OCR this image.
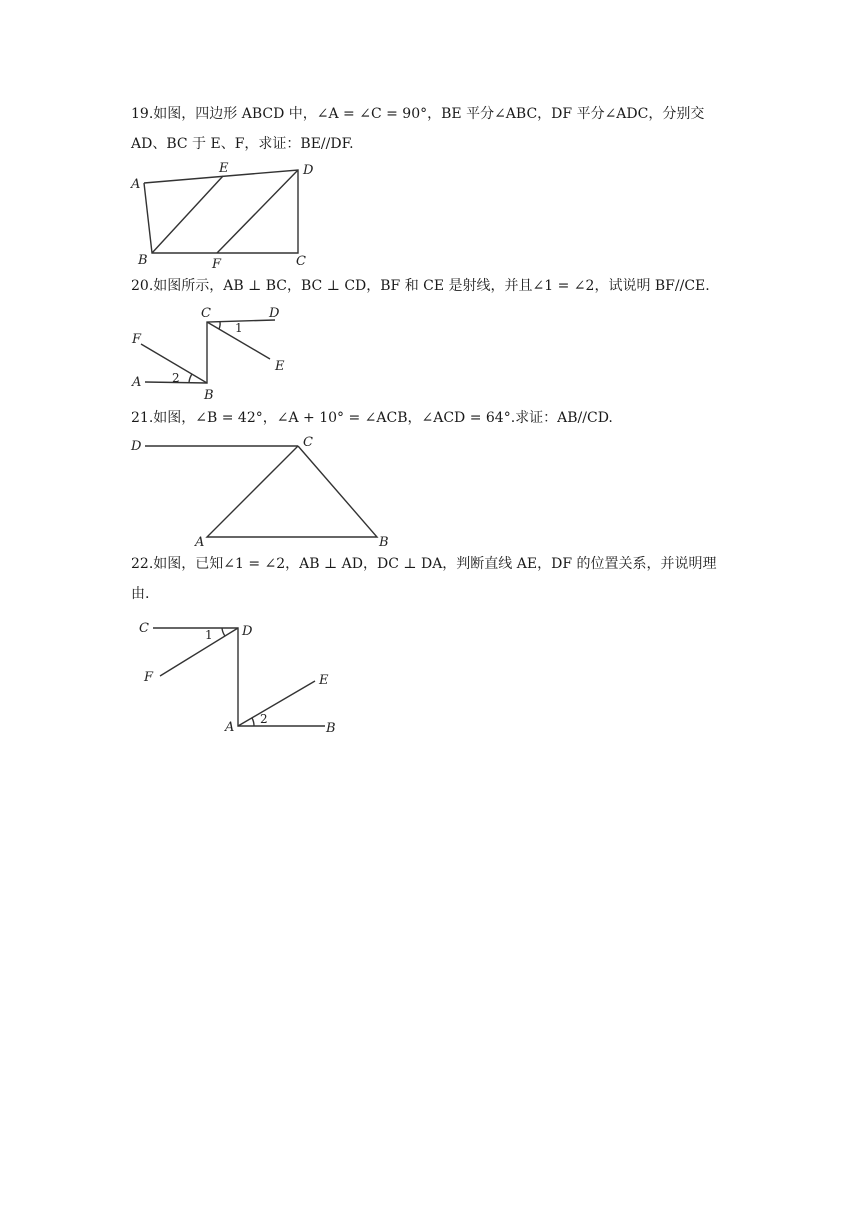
19.如图，四边形 ABCD 中，∠A = ∠C = 90°，BE 平分∠ABC，DF 平分∠ADC，分别交
AD、BC 于 E、F，求证：BE//DF.
A
E	D
B	F	C
20.如图所示，AB ⊥ BC，BC ⊥ CD，BF 和 CE 是射线，并且∠1 = ∠2，试说明 BF//CE.
C	D
F
E
A
B
1
2
21.如图，∠B = 42°，∠A + 10° = ∠ACB，∠ACD = 64°.求证：AB//CD.
D	C
A	B
22.如图，已知∠1 = ∠2，AB ⊥ AD，DC ⊥ DA，判断直线 AE，DF 的位置关系，并说明理
由.
C	D
F	E
A	B
1
2
